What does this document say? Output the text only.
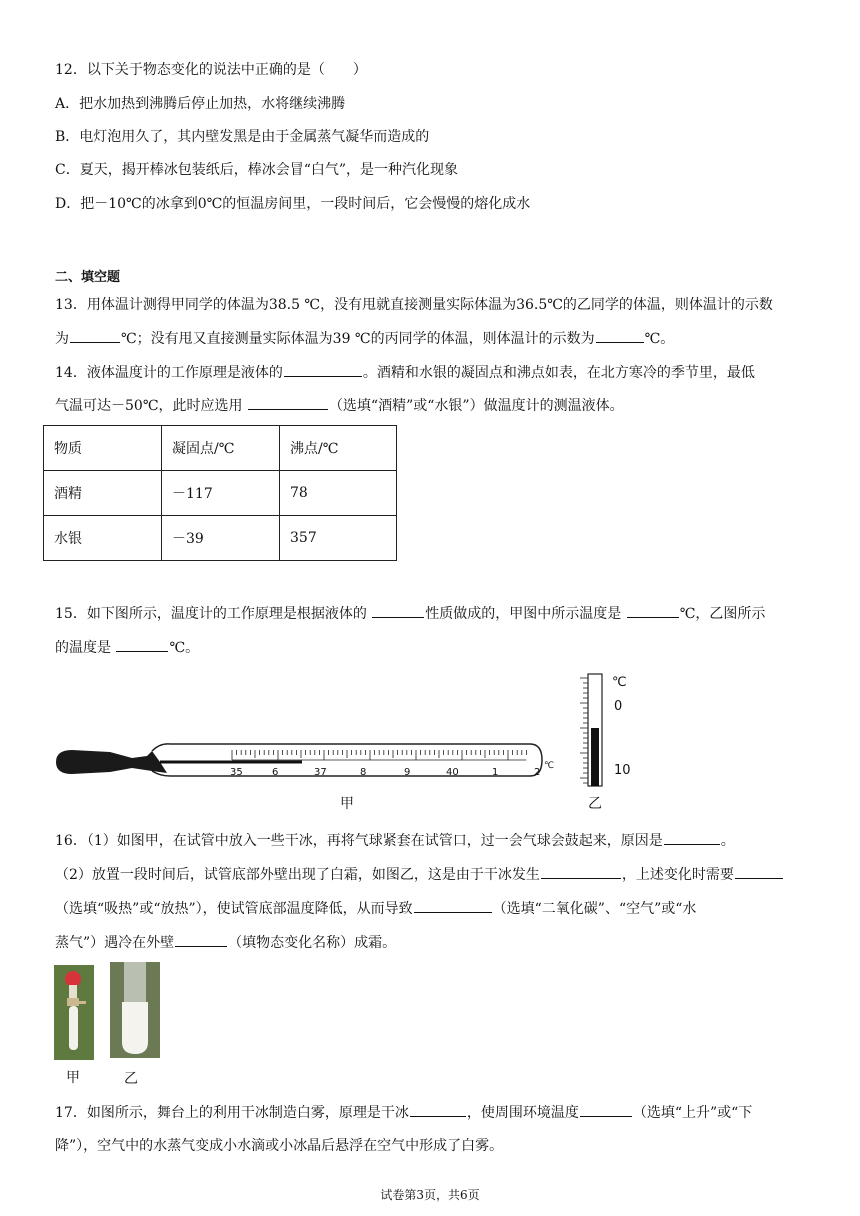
12．以下关于物态变化的说法中正确的是（　　）
A．把水加热到沸腾后停止加热，水将继续沸腾
B．电灯泡用久了，其内壁发黑是由于金属蒸气凝华而造成的
C．夏天，揭开棒冰包装纸后，棒冰会冒“白气”，是一种汽化现象
D．把－10℃的冰拿到0℃的恒温房间里，一段时间后，它会慢慢的熔化成水
二、填空题
13．用体温计测得甲同学的体温为38.5 ℃，没有甩就直接测量实际体温为36.5℃的乙同学的体温，则体温计的示数
为	℃；没有甩又直接测量实际体温为39 ℃的丙同学的体温，则体温计的示数为	℃。
14．液体温度计的工作原理是液体的	。酒精和水银的凝固点和沸点如表，在北方寒冷的季节里，最低
气温可达－50℃，此时应选用	（选填“酒精”或“水银”）做温度计的测温液体。
物质	凝固点/℃	沸点/℃
酒精	－117	78
水银	－39	357
15．如下图所示，温度计的工作原理是根据液体的	性质做成的，甲图中所示温度是	℃，乙图所示
的温度是	℃。
35	6	37	8	9	40	1	2
℃
甲
℃
0
10
乙
16．（1）如图甲，在试管中放入一些干冰，再将气球紧套在试管口，过一会气球会鼓起来，原因是	。
（2）放置一段时间后，试管底部外壁出现了白霜，如图乙，这是由于干冰发生	，上述变化时需要
（选填“吸热”或“放热”），使试管底部温度降低，从而导致	（选填“二氧化碳”、“空气”或“水
蒸气”）遇冷在外壁	（填物态变化名称）成霜。
甲	乙
17．如图所示，舞台上的利用干冰制造白雾，原理是干冰	，使周围环境温度	（选填“上升”或“下
降”），空气中的水蒸气变成小水滴或小冰晶后悬浮在空气中形成了白雾。
试卷第3页，共6页
